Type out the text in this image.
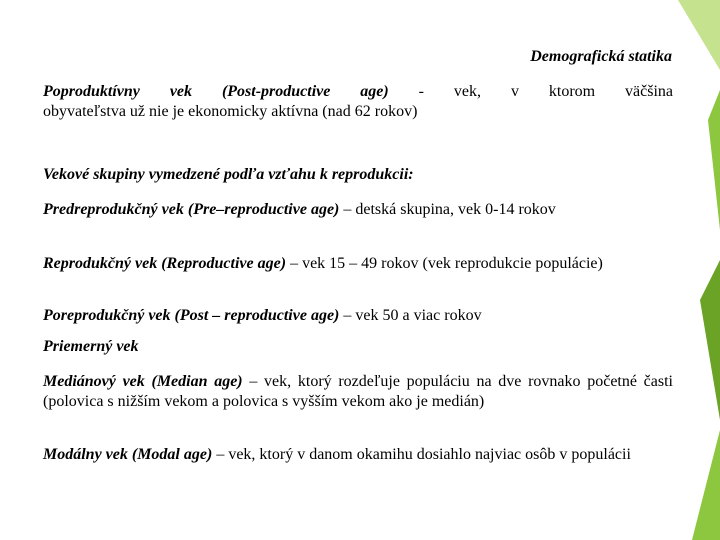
Demografická statika
Poproduktívny vek (Post-productive age) - vek, v ktorom väčšina
obyvateľstva už nie je ekonomicky aktívna (nad 62 rokov)
Vekové skupiny vymedzené podľa vzťahu k reprodukcii:
Predreprodukčný vek (Pre–reproductive age) – detská skupina, vek 0-14 rokov
Reprodukčný vek (Reproductive age) – vek 15 – 49 rokov (vek reprodukcie populácie)
Poreprodukčný vek (Post – reproductive age) – vek 50 a viac rokov
Priemerný vek
Mediánový vek (Median age) – vek, ktorý rozdeľuje populáciu na dve rovnako početné časti (polovica s nižším vekom a polovica s vyšším vekom ako je medián)
Modálny vek (Modal age) – vek, ktorý v danom okamihu dosiahlo najviac osôb v populácii
